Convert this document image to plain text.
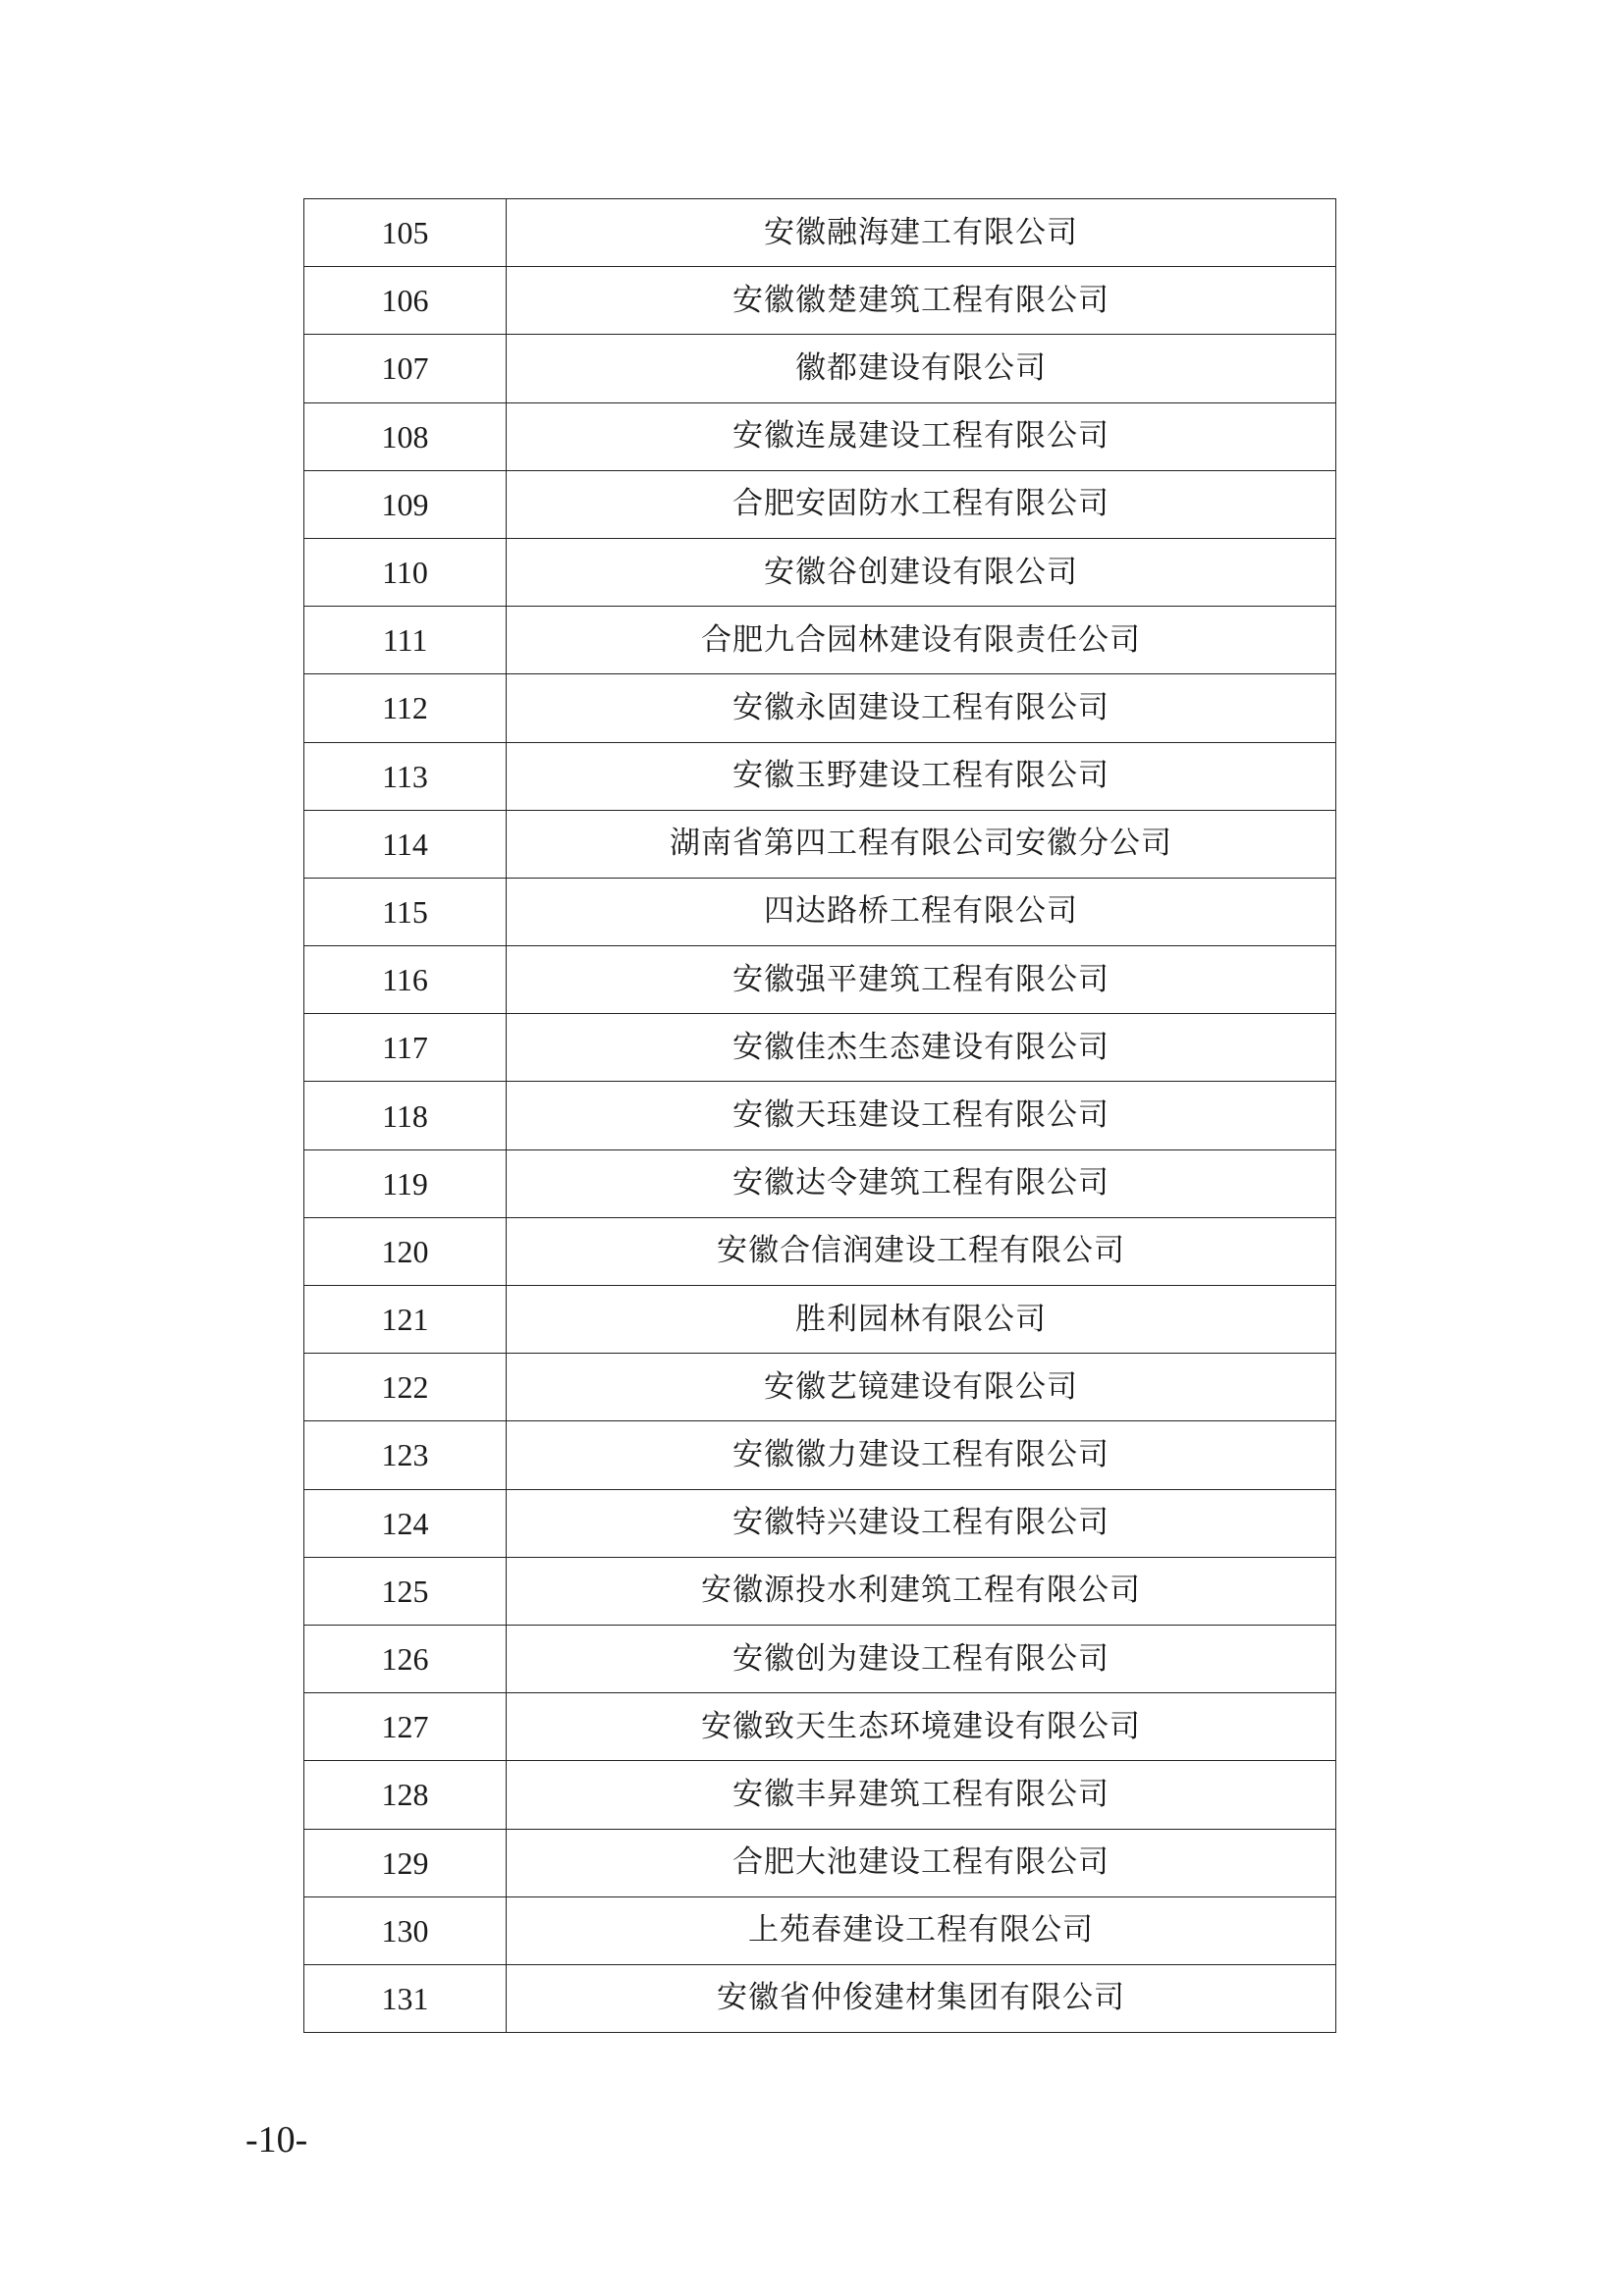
105	安徽融海建工有限公司
106	安徽徽楚建筑工程有限公司
107	徽都建设有限公司
108	安徽连晟建设工程有限公司
109	合肥安固防水工程有限公司
110	安徽谷创建设有限公司
111	合肥九合园林建设有限责任公司
112	安徽永固建设工程有限公司
113	安徽玉野建设工程有限公司
114	湖南省第四工程有限公司安徽分公司
115	四达路桥工程有限公司
116	安徽强平建筑工程有限公司
117	安徽佳杰生态建设有限公司
118	安徽天珏建设工程有限公司
119	安徽达令建筑工程有限公司
120	安徽合信润建设工程有限公司
121	胜利园林有限公司
122	安徽艺镜建设有限公司
123	安徽徽力建设工程有限公司
124	安徽特兴建设工程有限公司
125	安徽源投水利建筑工程有限公司
126	安徽创为建设工程有限公司
127	安徽致天生态环境建设有限公司
128	安徽丰昇建筑工程有限公司
129	合肥大池建设工程有限公司
130	上苑春建设工程有限公司
131	安徽省仲俊建材集团有限公司
-10-
